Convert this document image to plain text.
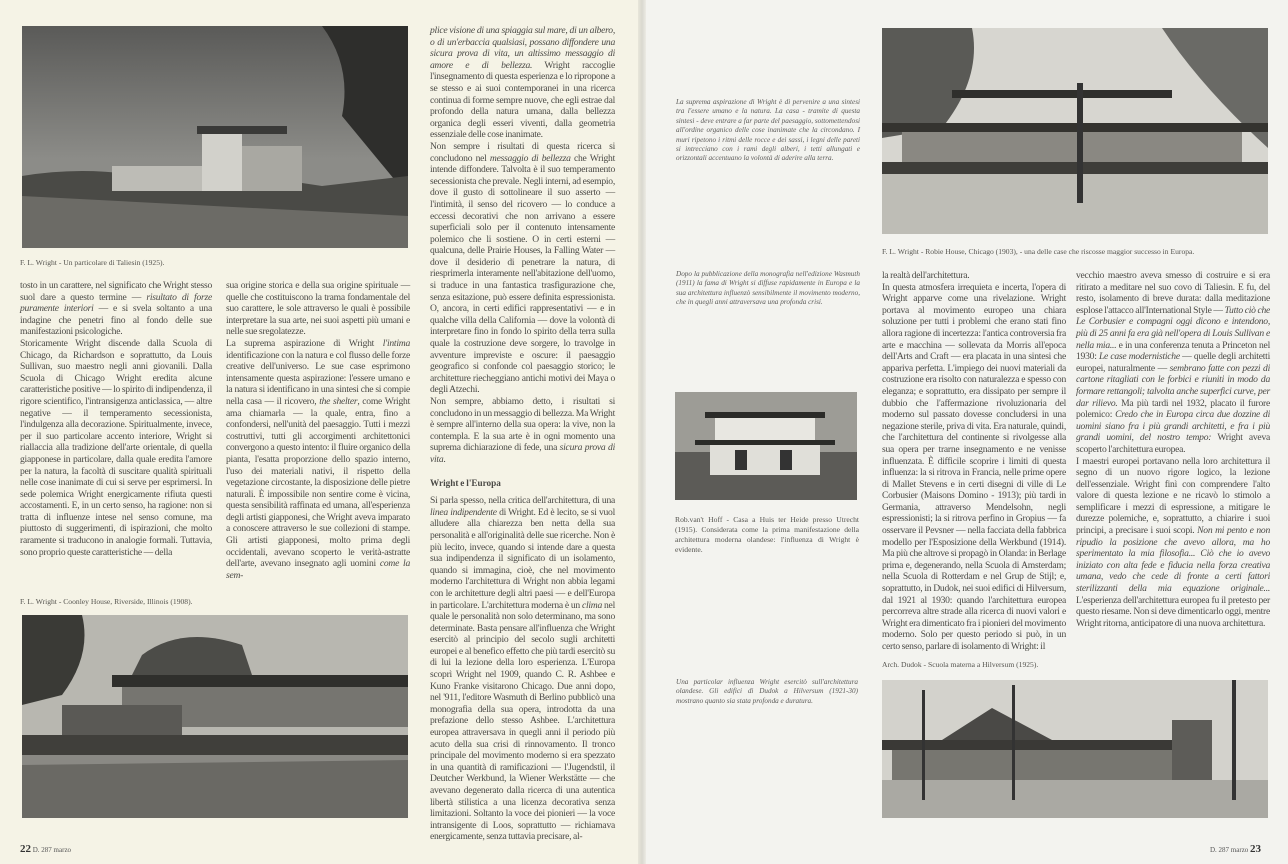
F. L. Wright - Un particolare di Taliesin (1925).

tosto in un carattere, nel significato che Wright stesso suol dare a questo termine — risultato di forze puramente interiori — e si svela soltanto a una indagine che penetri fino al fondo delle sue manifestazioni psicologiche.

Storicamente Wright discende dalla Scuola di Chicago, da Richardson e soprattutto, da Louis Sullivan, suo maestro negli anni giovanili. Dalla Scuola di Chicago Wright eredita alcune caratteristiche positive — lo spirito di indipendenza, il rigore scientifico, l'intransigenza anticlassica, — altre negative — il temperamento secessionista, l'indulgenza alla decorazione. Spiritualmente, invece, per il suo particolare accento interiore, Wright si riallaccia alla tradizione dell'arte orientale, di quella giapponese in particolare, dalla quale eredita l'amore per la natura, la facoltà di suscitare qualità spirituali nelle cose inanimate di cui si serve per esprimersi. In sede polemica Wright energicamente rifiuta questi accostamenti. E, in un certo senso, ha ragione: non si tratta di influenze intese nel senso comune, ma piuttosto di suggerimenti, di ispirazioni, che molto raramente si traducono in analogie formali. Tuttavia, sono proprio queste caratteristiche — della

sua origine storica e della sua origine spirituale — quelle che costituiscono la trama fondamentale del suo carattere, le sole attraverso le quali è possibile interpretare la sua arte, nei suoi aspetti più umani e nelle sue sregolatezze.

La suprema aspirazione di Wright l'intima identificazione con la natura e col flusso delle forze creative dell'universo. Le sue case esprimono intensamente questa aspirazione: l'essere umano e la natura si identificano in una sintesi che si compie nella casa — il ricovero, the shelter, come Wright ama chiamarla — la quale, entra, fino a confondersi, nell'unità del paesaggio. Tutti i mezzi costruttivi, tutti gli accorgimenti architettonici convergono a questo intento: il fluire organico della pianta, l'esatta proporzione dello spazio interno, l'uso dei materiali nativi, il rispetto della vegetazione circostante, la disposizione delle pietre naturali. È impossibile non sentire come è vicina, questa sensibilità raffinata ed umana, all'esperienza degli artisti giapponesi, che Wright aveva imparato a conoscere attraverso le sue collezioni di stampe. Gli artisti giapponesi, molto prima degli occidentali, avevano scoperto le verità-astratte dell'arte, avevano insegnato agli uomini come la sem-

F. L. Wright - Coonley House, Riverside, Illinois (1908).

plice visione di una spiaggia sul mare, di un albero, o di un'erbaccia qualsiasi, possano diffondere una sicura prova di vita, un altissimo messaggio di amore e di bellezza. Wright raccoglie l'insegnamento di questa esperienza e lo ripropone a se stesso e ai suoi contemporanei in una ricerca continua di forme sempre nuove, che egli estrae dal profondo della natura umana, dalla bellezza organica degli esseri viventi, dalla geometria essenziale delle cose inanimate.

Non sempre i risultati di questa ricerca si concludono nel messaggio di bellezza che Wright intende diffondere. Talvolta è il suo temperamento secessionista che prevale. Negli interni, ad esempio, dove il gusto di sottolineare il suo asserto — l'intimità, il senso del ricovero — lo conduce a eccessi decorativi che non arrivano a essere superficiali solo per il contenuto intensamente polemico che li sostiene. O in certi esterni — qualcuna, delle Prairie Houses, la Falling Water — dove il desiderio di penetrare la natura, di riesprimerla interamente nell'abitazione dell'uomo, si traduce in una fantastica trasfigurazione che, senza esitazione, può essere definita espressionista. O, ancora, in certi edifici rappresentativi — e in qualche villa della California — dove la volontà di interpretare fino in fondo lo spirito della terra sulla quale la costruzione deve sorgere, lo travolge in avventure impreviste e oscure: il paesaggio geografico si confonde col paesaggio storico; le architetture riecheggiano antichi motivi dei Maya o degli Atzechi.

Non sempre, abbiamo detto, i risultati si concludono in un messaggio di bellezza. Ma Wright è sempre all'interno della sua opera: la vive, non la contempla. E la sua arte è in ogni momento una suprema dichiarazione di fede, una sicura prova di vita.

Wright e l'Europa

Si parla spesso, nella critica dell'architettura, di una linea indipendente di Wright. Ed è lecito, se si vuol alludere alla chiarezza ben netta della sua personalità e all'originalità delle sue ricerche. Non è più lecito, invece, quando si intende dare a questa sua indipendenza il significato di un isolamento, quando si immagina, cioè, che nel movimento moderno l'architettura di Wright non abbia legami con le architetture degli altri paesi — e dell'Europa in particolare. L'architettura moderna è un clima nel quale le personalità non solo determinano, ma sono determinate. Basta pensare all'influenza che Wright esercitò al principio del secolo sugli architetti europei e al benefico effetto che più tardi esercitò su di lui la lezione della loro esperienza. L'Europa scoprì Wright nel 1909, quando C. R. Ashbee e Kuno Franke visitarono Chicago. Due anni dopo, nel '911, l'editore Wasmuth di Berlino pubblicò una monografia della sua opera, introdotta da una prefazione dello stesso Ashbee. L'architettura europea attraversava in quegli anni il periodo più acuto della sua crisi di rinnovamento. Il tronco principale del movimento moderno si era spezzato in una quantità di ramificazioni — l'Jugendstil, il Deutcher Werkbund, la Wiener Werkstätte — che avevano degenerato dalla ricerca di una autentica libertà stilistica a una licenza decorativa senza limitazioni. Soltanto la voce dei pionieri — la voce intransigente di Loos, soprattutto — richiamava energicamente, senza tuttavia precisare, al-

22 D. 287 marzo
La suprema aspirazione di Wright è di pervenire a una sintesi tra l'essere umano e la natura. La casa - tramite di questa sintesi - deve entrare a far parte del paesaggio, sottomettendosi all'ordine organico delle cose inanimate che la circondano. I muri ripetono i ritmi delle rocce e dei sassi, i legni delle pareti si intrecciano con i rami degli alberi, i tetti allungati e orizzontali accentuano la volontà di aderire alla terra.
F. L. Wright - Robie House, Chicago (1903), - una delle case che riscosse maggior successo in Europa.
Dopo la pubblicazione della monografia nell'edizione Wasmuth (1911) la fama di Wright si diffuse rapidamente in Europa e la sua architettura influenzò sensibilmente il movimento moderno, che in quegli anni attraversava una profonda crisi.
Rob.van't Hoff - Casa a Huis ter Heide presso Utrecht (1915). Considerata come la prima manifestazione della architettura moderna olandese: l'influenza di Wright è evidente.
Una particolar influenza Wright esercitò sull'architettura olandese. Gli edifici di Dudok a Hilversum (1921-30) mostrano quanto sia stata profonda e duratura.

la realtà dell'architettura.

In questa atmosfera irrequieta e incerta, l'opera di Wright apparve come una rivelazione. Wright portava al movimento europeo una chiara soluzione per tutti i problemi che erano stati fino allora ragione di incertezza: l'antica controversia fra arte e macchina — sollevata da Morris all'epoca dell'Arts and Craft — era placata in una sintesi che appariva perfetta. L'impiego dei nuovi materiali da costruzione era risolto con naturalezza e spesso con eleganza; e soprattutto, era dissipato per sempre il dubbio che l'affermazione rivoluzionaria del moderno sul passato dovesse concludersi in una negazione sterile, priva di vita. Era naturale, quindi, che l'architettura del continente si rivolgesse alla sua opera per trarne insegnamento e ne venisse influenzata. È difficile scoprire i limiti di questa influenza: la si ritrova in Francia, nelle prime opere di Mallet Stevens e in certi disegni di ville di Le Corbusier (Maisons Domino - 1913); più tardi in Germania, attraverso Mendelsohn, negli espressionisti; la si ritrova perfino in Gropius — fa osservare il Pevsner — nella facciata della fabbrica modello per l'Esposizione della Werkbund (1914). Ma più che altrove si propagò in Olanda: in Berlage prima e, degenerando, nella Scuola di Amsterdam; nella Scuola di Rotterdam e nel Grup de Stijl; e, soprattutto, in Dudok, nei suoi edifici di Hilversum, dal 1921 al 1930: quando l'architettura europea percorreva altre strade alla ricerca di nuovi valori e Wright era dimenticato fra i pionieri del movimento moderno. Solo per questo periodo si può, in un certo senso, parlare di isolamento di Wright: il

vecchio maestro aveva smesso di costruire e si era ritirato a meditare nel suo covo di Taliesin. E fu, del resto, isolamento di breve durata: dalla meditazione esplose l'attacco all'International Style — Tutto ciò che Le Corbusier e compagni oggi dicono e intendono, più di 25 anni fa era già nell'opera di Louis Sullivan e nella mia... e in una conferenza tenuta a Princeton nel 1930: Le case modernistiche — quelle degli architetti europei, naturalmente — sembrano fatte con pezzi di cartone ritagliati con le forbici e riuniti in modo da formare rettangoli; talvolta anche superfici curve, per dar rilievo. Ma più tardi nel 1932, placato il furore polemico: Credo che in Europa circa due dozzine di uomini siano fra i più grandi architetti, e fra i più grandi uomini, del nostro tempo: Wright aveva scoperto l'architettura europea.

I maestri europei portavano nella loro architettura il segno di un nuovo rigore logico, la lezione dell'essenziale. Wright finì con comprendere l'alto valore di questa lezione e ne ricavò lo stimolo a semplificare i mezzi di espressione, a mitigare le durezze polemiche, e, soprattutto, a chiarire i suoi principi, a precisare i suoi scopi. Non mi pento e non ripudio la posizione che avevo allora, ma ho sperimentato la mia filosofia... Ciò che io avevo iniziato con alta fede e fiducia nella forza creativa umana, vedo che cede di fronte a certi fattori sterilizzanti della mia equazione originale... L'esperienza dell'architettura europea fu il pretesto per questo riesame. Non si deve dimenticarlo oggi, mentre Wright ritorna, anticipatore di una nuova architettura.

Arch. Dudok - Scuola materna a Hilversum (1925).
D. 287 marzo 23
